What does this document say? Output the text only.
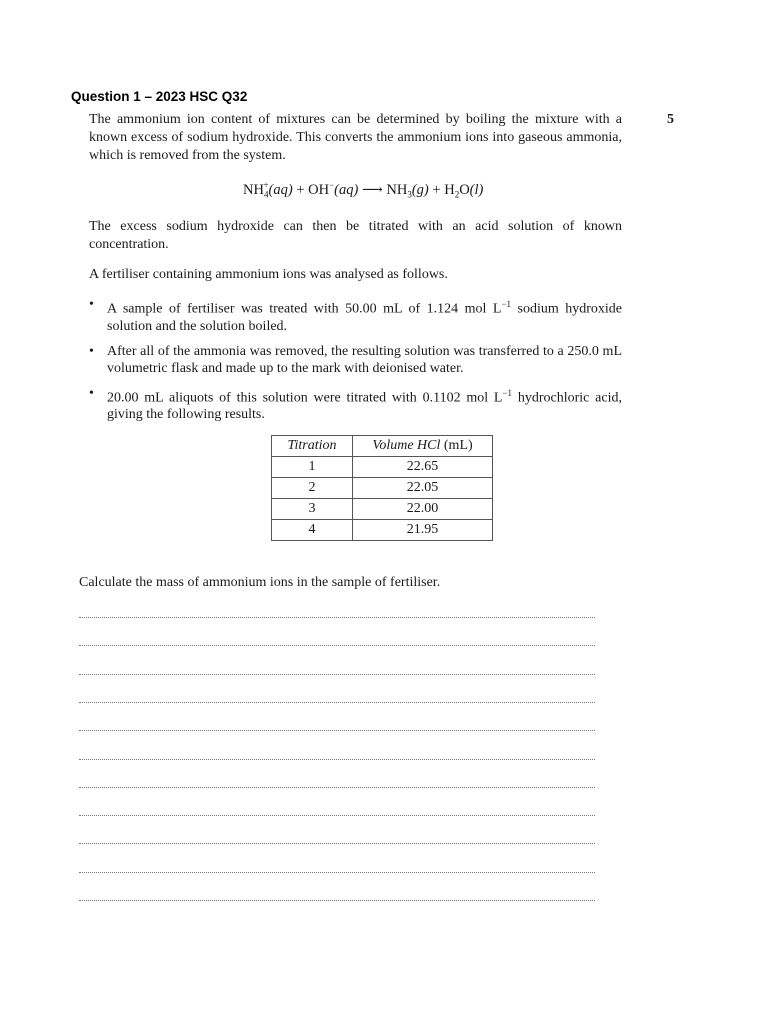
Question 1 – 2023 HSC Q32
5
The ammonium ion content of mixtures can be determined by boiling the mixture with a known excess of sodium hydroxide. This converts the ammonium ions into gaseous ammonia, which is removed from the system.
$NH_4^+(aq) + OH^-(aq)$ ⟶ $NH_3(g) + H_2O(l)$
The excess sodium hydroxide can then be titrated with an acid solution of known concentration.
A fertiliser containing ammonium ions was analysed as follows.
• A sample of fertiliser was treated with 50.00 mL of 1.124 mol $L^{-1}$ sodium hydroxide solution and the solution boiled.
• After all of the ammonia was removed, the resulting solution was transferred to a 250.0 mL volumetric flask and made up to the mark with deionised water.
• 20.00 mL aliquots of this solution were titrated with 0.1102 mol $L^{-1}$ hydrochloric acid, giving the following results.
Titration	Volume HCl (mL)
1	22.65
2	22.05
3	22.00
4	21.95
Calculate the mass of ammonium ions in the sample of fertiliser.
